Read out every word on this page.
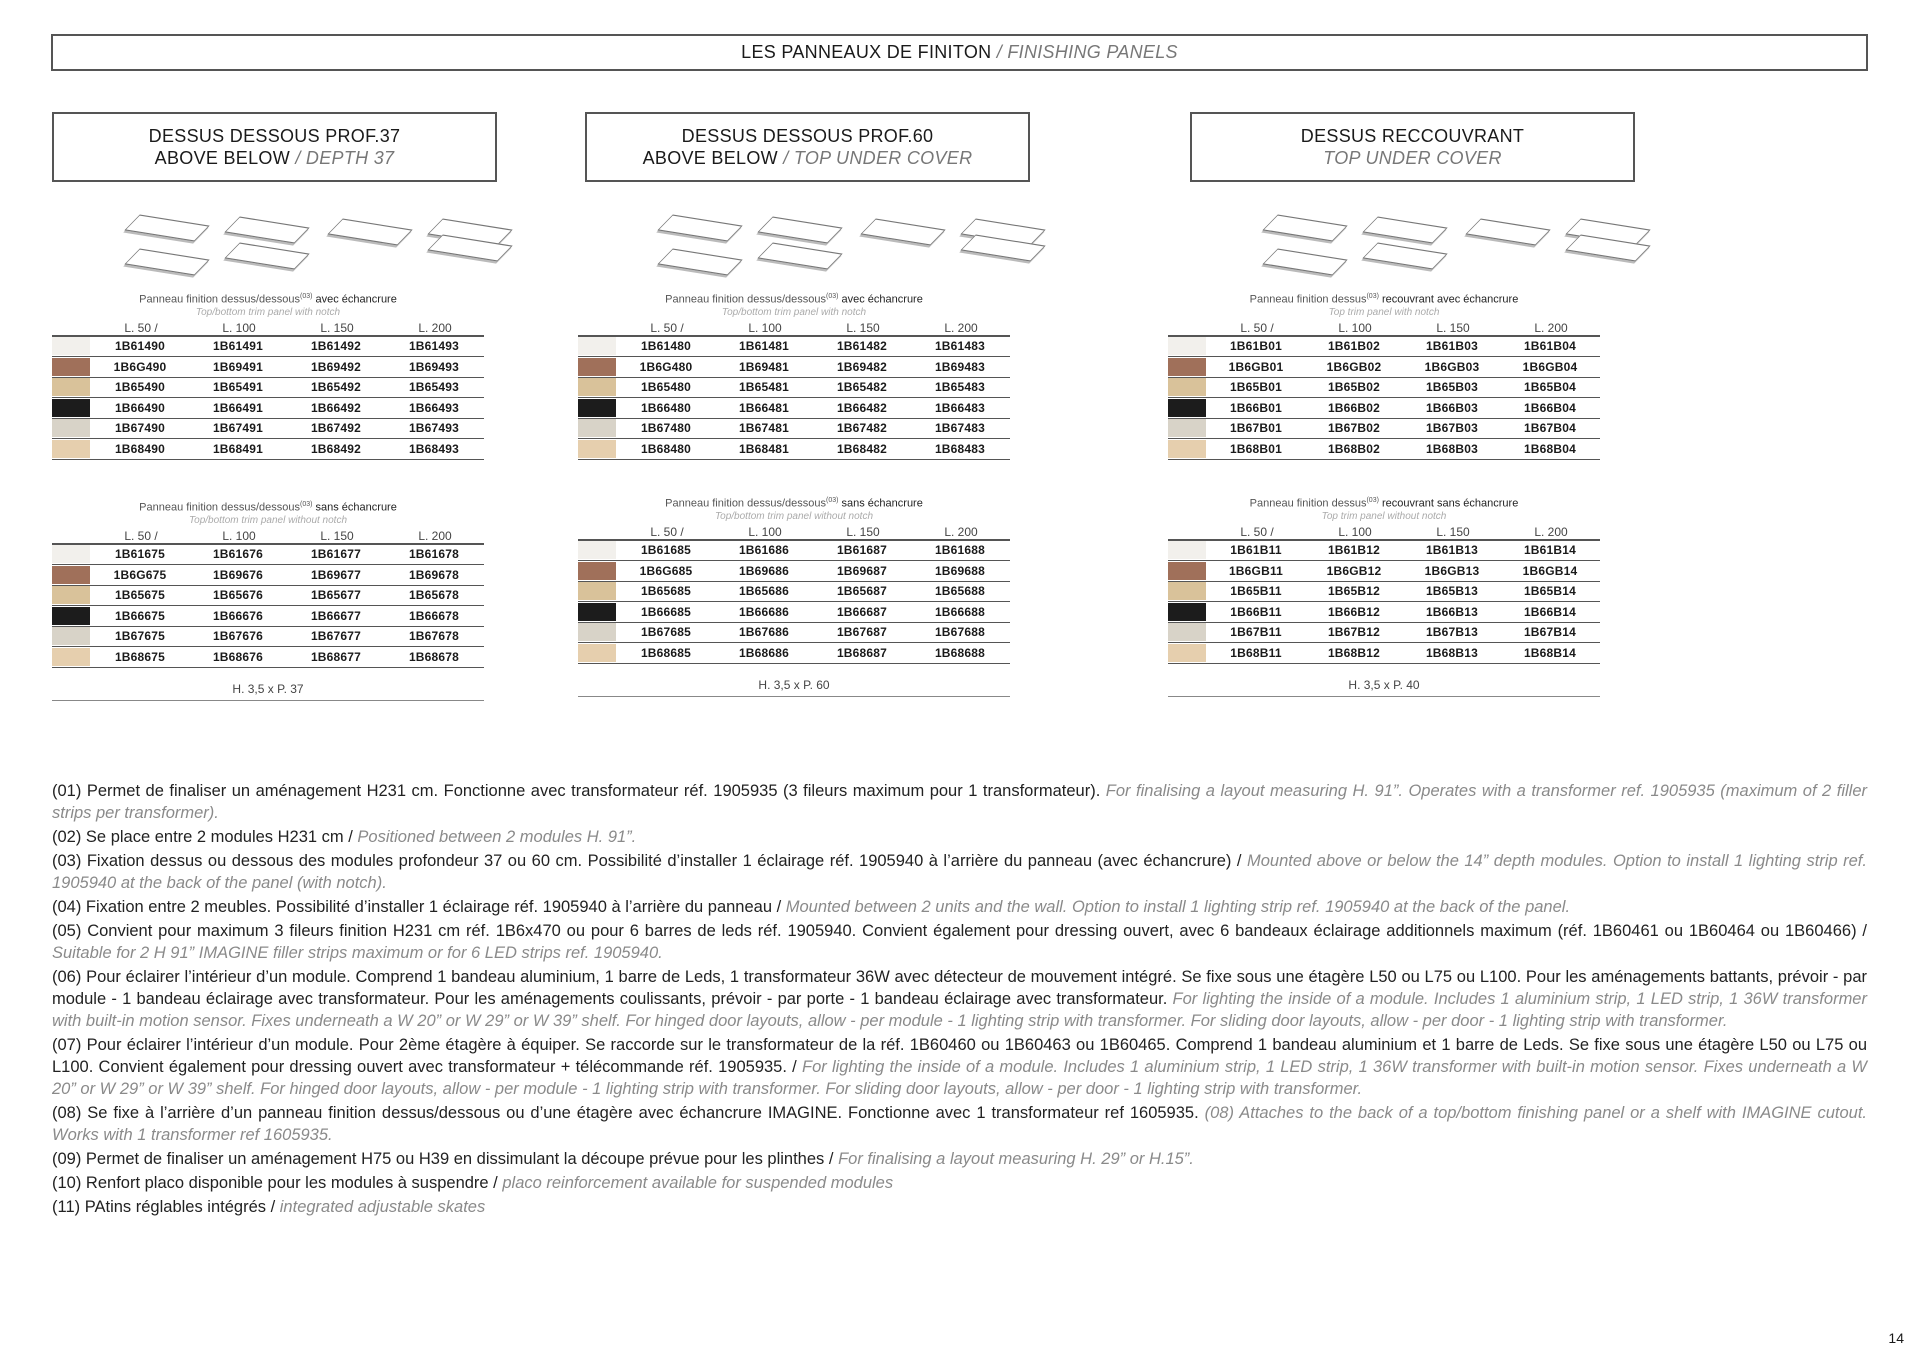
LES PANNEAUX DE FINITON
/ FINISHING PANELS
DESSUS DESSOUS PROF.37
ABOVE BELOW / DEPTH 37
DESSUS DESSOUS PROF.60
ABOVE BELOW / TOP UNDER COVER
DESSUS RECCOUVRANT
TOP UNDER COVER

(01) Permet de finaliser un aménagement H231 cm. Fonctionne avec transformateur réf. 1905935 (3 fileurs maximum pour 1 transformateur). For finalising a layout measuring H. 91”. Operates with a transformer ref. 1905935 (maximum of 2 filler strips per transformer).

(02) Se place entre 2 modules H231 cm / Positioned between 2 modules H. 91”.

(03) Fixation dessus ou dessous des modules profondeur 37 ou 60 cm. Possibilité d’installer 1 éclairage réf. 1905940 à l’arrière du panneau (avec échancrure) / Mounted above or below the 14” depth modules. Option to install 1 lighting strip ref. 1905940 at the back of the panel (with notch).

(04) Fixation entre 2 meubles. Possibilité d’installer 1 éclairage réf. 1905940 à l’arrière du panneau / Mounted between 2 units and the wall. Option to install 1 lighting strip ref. 1905940 at the back of the panel.

(05) Convient pour maximum 3 fileurs finition H231 cm réf. 1B6x470 ou pour 6 barres de leds réf. 1905940. Convient également pour dressing ouvert, avec 6 bandeaux éclairage additionnels maximum (réf. 1B60461 ou 1B60464 ou 1B60466) / Suitable for 2 H 91” IMAGINE filler strips maximum or for 6 LED strips ref. 1905940.

(06) Pour éclairer l’intérieur d’un module. Comprend 1 bandeau aluminium, 1 barre de Leds, 1 transformateur 36W avec détecteur de mouvement intégré. Se fixe sous une étagère L50 ou L75 ou L100. Pour les aménagements battants, prévoir - par module - 1 bandeau éclairage avec transformateur. Pour les aménagements coulissants, prévoir - par porte - 1 bandeau éclairage avec transformateur. For lighting the inside of a module. Includes 1 aluminium strip, 1 LED strip, 1 36W transformer with built-in motion sensor. Fixes underneath a W 20” or W 29” or W 39” shelf. For hinged door layouts, allow - per module - 1 lighting strip with transformer. For sliding door layouts, allow - per door - 1 lighting strip with transformer.

(07) Pour éclairer l’intérieur d’un module. Pour 2ème étagère à équiper. Se raccorde sur le transformateur de la réf. 1B60460 ou 1B60463 ou 1B60465. Comprend 1 bandeau aluminium et 1 barre de Leds. Se fixe sous une étagère L50 ou L75 ou L100. Convient également pour dressing ouvert avec transformateur + télécommande réf. 1905935. / For lighting the inside of a module. Includes 1 aluminium strip, 1 LED strip, 1 36W transformer with built-in motion sensor. Fixes underneath a W 20” or W 29” or W 39” shelf. For hinged door layouts, allow - per module - 1 lighting strip with transformer. For sliding door layouts, allow - per door - 1 lighting strip with transformer.

(08) Se fixe à l’arrière d’un panneau finition dessus/dessous ou d’une étagère avec échancrure IMAGINE. Fonctionne avec 1 transformateur ref 1605935. (08) Attaches to the back of a top/bottom finishing panel or a shelf with IMAGINE cutout. Works with 1 transformer ref 1605935.

(09) Permet de finaliser un aménagement H75 ou H39 en dissimulant la découpe prévue pour les plinthes / For finalising a layout measuring H. 29” or H.15”.

(10) Renfort placo disponible pour les modules à suspendre / placo reinforcement available for suspended modules

(11) PAtins réglables intégrés / integrated adjustable skates

14
Panneau finition dessus/dessous$^{(03)}$ avec échancrure
Top/bottom trim panel with notch
L. 50 /	L. 100	L. 150	L. 200
1B61490	1B61491	1B61492	1B61493
1B6G490	1B69491	1B69492	1B69493
1B65490	1B65491	1B65492	1B65493
1B66490	1B66491	1B66492	1B66493
1B67490	1B67491	1B67492	1B67493
1B68490	1B68491	1B68492	1B68493
Panneau finition dessus/dessous$^{(03)}$ sans échancrure
Top/bottom trim panel without notch
L. 50 /	L. 100	L. 150	L. 200
1B61675	1B61676	1B61677	1B61678
1B6G675	1B69676	1B69677	1B69678
1B65675	1B65676	1B65677	1B65678
1B66675	1B66676	1B66677	1B66678
1B67675	1B67676	1B67677	1B67678
1B68675	1B68676	1B68677	1B68678
H. 3,5 x P. 37
Panneau finition dessus/dessous$^{(03)}$ avec échancrure
Top/bottom trim panel with notch
L. 50 /	L. 100	L. 150	L. 200
1B61480	1B61481	1B61482	1B61483
1B6G480	1B69481	1B69482	1B69483
1B65480	1B65481	1B65482	1B65483
1B66480	1B66481	1B66482	1B66483
1B67480	1B67481	1B67482	1B67483
1B68480	1B68481	1B68482	1B68483
Panneau finition dessus/dessous$^{(03)}$ sans échancrure
Top/bottom trim panel without notch
L. 50 /	L. 100	L. 150	L. 200
1B61685	1B61686	1B61687	1B61688
1B6G685	1B69686	1B69687	1B69688
1B65685	1B65686	1B65687	1B65688
1B66685	1B66686	1B66687	1B66688
1B67685	1B67686	1B67687	1B67688
1B68685	1B68686	1B68687	1B68688
H. 3,5 x P. 60
Panneau finition dessus$^{(03)}$ recouvrant avec échancrure
Top trim panel with notch
L. 50 /	L. 100	L. 150	L. 200
1B61B01	1B61B02	1B61B03	1B61B04
1B6GB01	1B6GB02	1B6GB03	1B6GB04
1B65B01	1B65B02	1B65B03	1B65B04
1B66B01	1B66B02	1B66B03	1B66B04
1B67B01	1B67B02	1B67B03	1B67B04
1B68B01	1B68B02	1B68B03	1B68B04
Panneau finition dessus$^{(03)}$ recouvrant sans échancrure
Top trim panel without notch
L. 50 /	L. 100	L. 150	L. 200
1B61B11	1B61B12	1B61B13	1B61B14
1B6GB11	1B6GB12	1B6GB13	1B6GB14
1B65B11	1B65B12	1B65B13	1B65B14
1B66B11	1B66B12	1B66B13	1B66B14
1B67B11	1B67B12	1B67B13	1B67B14
1B68B11	1B68B12	1B68B13	1B68B14
H. 3,5 x P. 40
